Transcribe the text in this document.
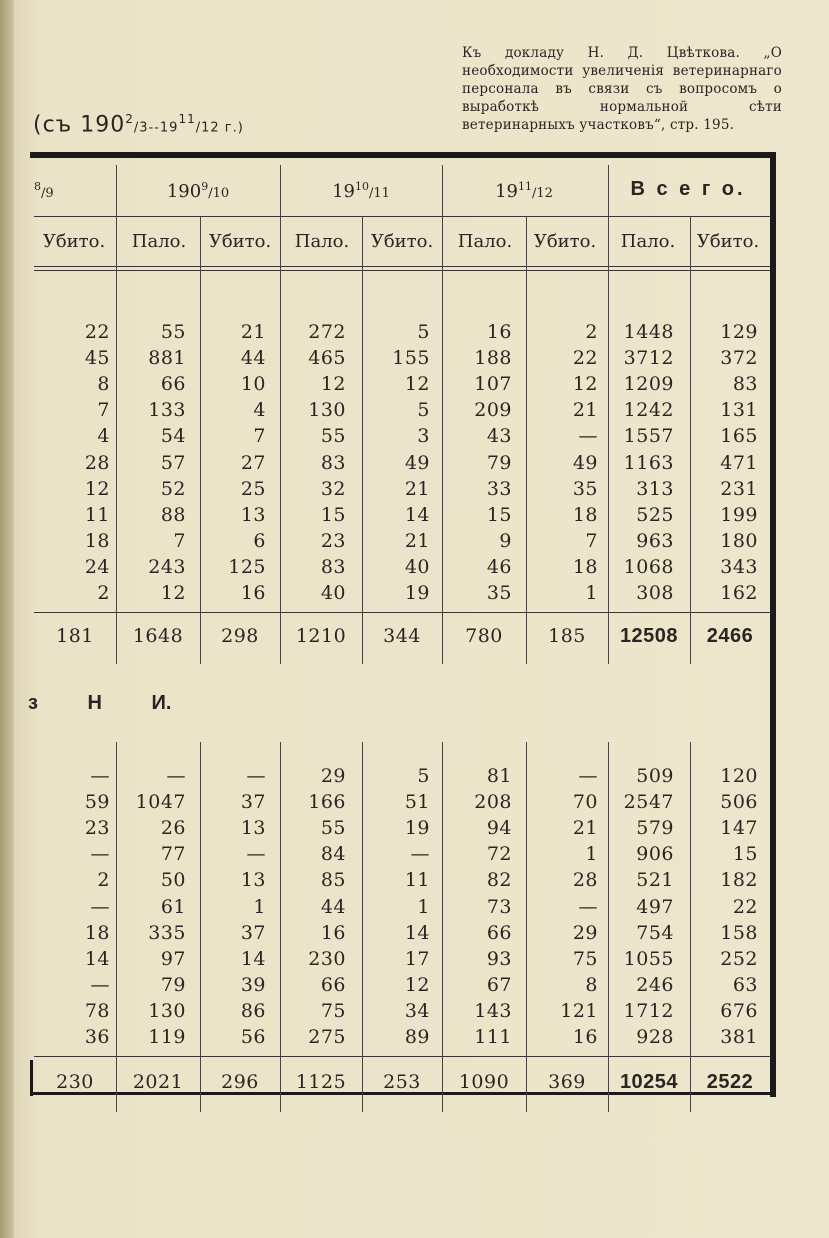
Къ докладу Н. Д. Цвѣткова. „О необходимости увеличенія ветеринарнаго персонала въ связи съ вопросомъ о выработкѣ нормальной сѣти ветеринарныхъ участковъ“, стр. 195.
(съ $190^2/3--19^{11}/12$ г.)
$^8$/9	$190^9/10$	$19^{10}/11$	$19^{11}/12$	В с е г о.
Убито.	Пало.	Убито.	Пало.	Убито.	Пало.	Убито.	Пало.	Убито.
з Н И.
22	55	21	272	5	16	2	1448	129
45	881	44	465	155	188	22	3712	372
8	66	10	12	12	107	12	1209	83
7	133	4	130	5	209	21	1242	131
4	54	7	55	3	43	—	1557	165
28	57	27	83	49	79	49	1163	471
12	52	25	32	21	33	35	313	231
11	88	13	15	14	15	18	525	199
18	7	6	23	21	9	7	963	180
24	243	125	83	40	46	18	1068	343
2	12	16	40	19	35	1	308	162
181	1648	298	1210	344	780	185	12508	2466
—	—	—	29	5	81	—	509	120
59	1047	37	166	51	208	70	2547	506
23	26	13	55	19	94	21	579	147
—	77	—	84	—	72	1	906	15
2	50	13	85	11	82	28	521	182
—	61	1	44	1	73	—	497	22
18	335	37	16	14	66	29	754	158
14	97	14	230	17	93	75	1055	252
—	79	39	66	12	67	8	246	63
78	130	86	75	34	143	121	1712	676
36	119	56	275	89	111	16	928	381
230	2021	296	1125	253	1090	369	10254	2522
